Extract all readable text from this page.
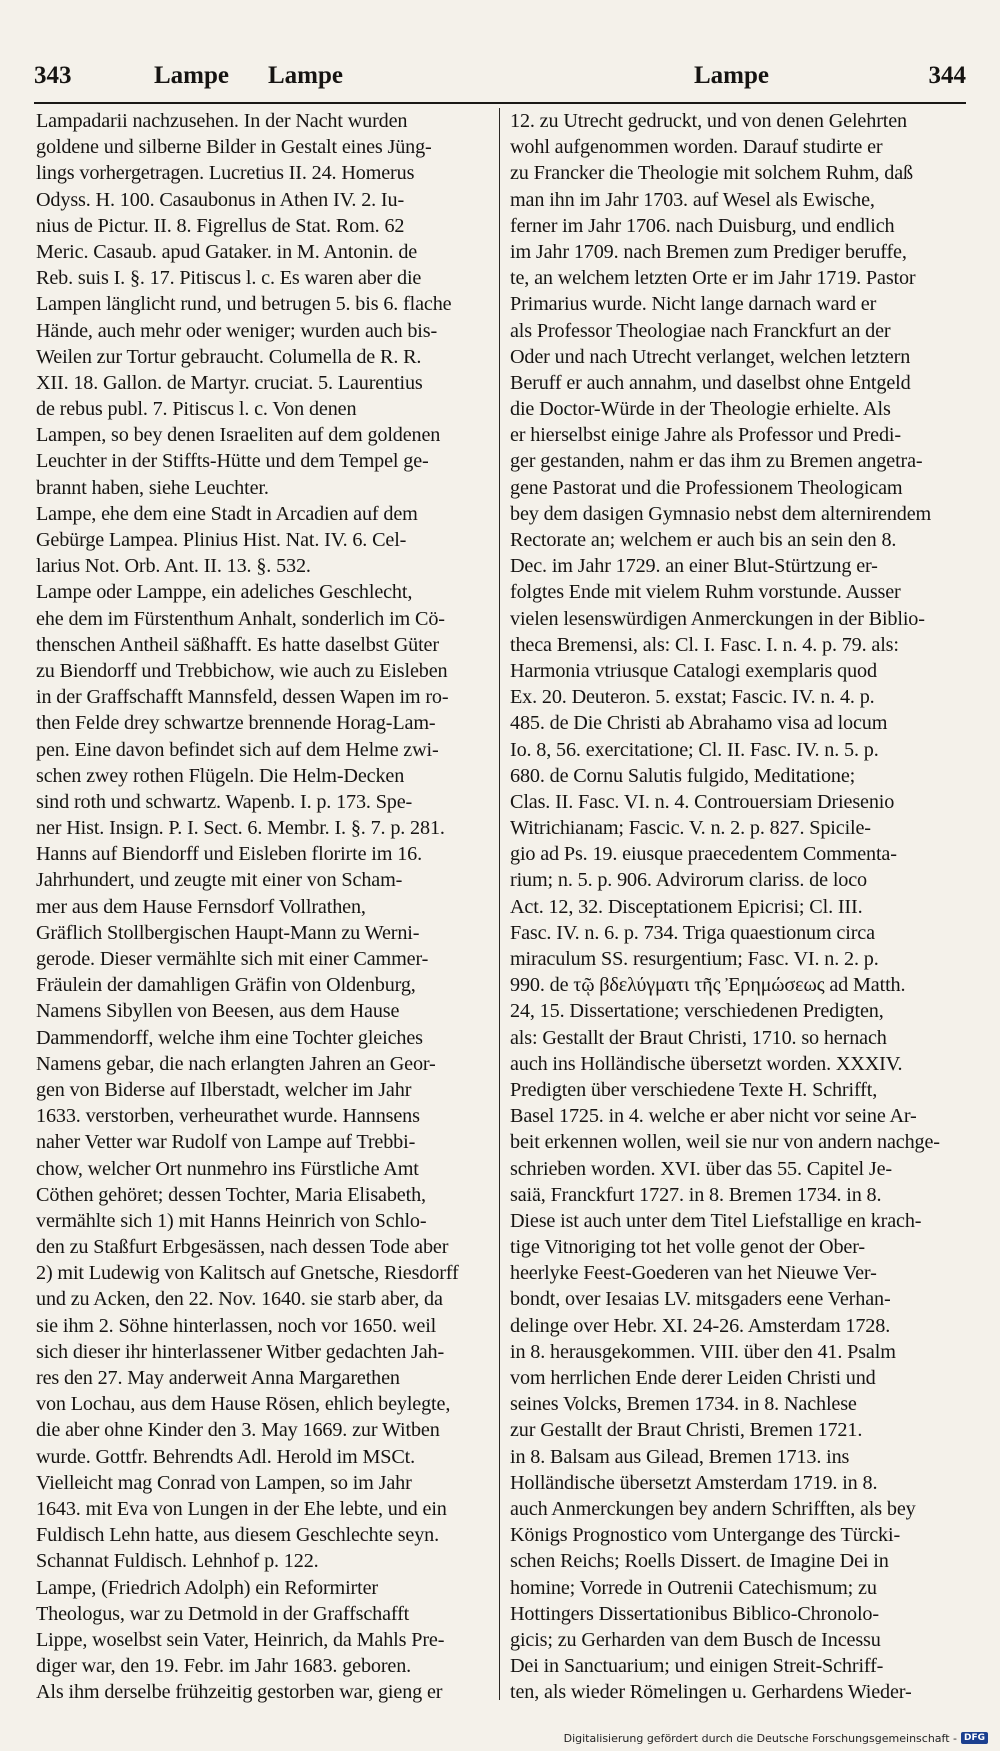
343	Lampe Lampe	Lampe	344
Lampadarii nachzusehen. In der Nacht wurden
goldene und silberne Bilder in Gestalt eines Jüng-
lings vorhergetragen. Lucretius II. 24. Homerus
Odyss. H. 100. Casaubonus in Athen IV. 2. Iu-
nius de Pictur. II. 8. Figrellus de Stat. Rom. 62
Meric. Casaub. apud Gataker. in M. Antonin. de
Reb. suis I. §. 17. Pitiscus l. c. Es waren aber die
Lampen länglicht rund, und betrugen 5. bis 6. flache
Hände, auch mehr oder weniger; wurden auch bis-
Weilen zur Tortur gebraucht. Columella de R. R.
XII. 18. Gallon. de Martyr. cruciat. 5. Laurentius
de rebus publ. 7. Pitiscus l. c. Von denen
Lampen, so bey denen Israeliten auf dem goldenen
Leuchter in der Stiffts-Hütte und dem Tempel ge-
brannt haben, siehe Leuchter.
Lampe, ehe dem eine Stadt in Arcadien auf dem
Gebürge Lampea. Plinius Hist. Nat. IV. 6. Cel-
larius Not. Orb. Ant. II. 13. §. 532.
Lampe oder Lamppe, ein adeliches Geschlecht,
ehe dem im Fürstenthum Anhalt, sonderlich im Cö-
thenschen Antheil säßhafft. Es hatte daselbst Güter
zu Biendorff und Trebbichow, wie auch zu Eisleben
in der Graffschafft Mannsfeld, dessen Wapen im ro-
then Felde drey schwartze brennende Horag-Lam-
pen. Eine davon befindet sich auf dem Helme zwi-
schen zwey rothen Flügeln. Die Helm-Decken
sind roth und schwartz. Wapenb. I. p. 173. Spe-
ner Hist. Insign. P. I. Sect. 6. Membr. I. §. 7. p. 281.
Hanns auf Biendorff und Eisleben florirte im 16.
Jahrhundert, und zeugte mit einer von Scham-
mer aus dem Hause Fernsdorf Vollrathen,
Gräflich Stollbergischen Haupt-Mann zu Werni-
gerode. Dieser vermählte sich mit einer Cammer-
Fräulein der damahligen Gräfin von Oldenburg,
Namens Sibyllen von Beesen, aus dem Hause
Dammendorff, welche ihm eine Tochter gleiches
Namens gebar, die nach erlangten Jahren an Geor-
gen von Biderse auf Ilberstadt, welcher im Jahr
1633. verstorben, verheurathet wurde. Hannsens
naher Vetter war Rudolf von Lampe auf Trebbi-
chow, welcher Ort nunmehro ins Fürstliche Amt
Cöthen gehöret; dessen Tochter, Maria Elisabeth,
vermählte sich 1) mit Hanns Heinrich von Schlo-
den zu Staßfurt Erbgesässen, nach dessen Tode aber
2) mit Ludewig von Kalitsch auf Gnetsche, Riesdorff
und zu Acken, den 22. Nov. 1640. sie starb aber, da
sie ihm 2. Söhne hinterlassen, noch vor 1650. weil
sich dieser ihr hinterlassener Witber gedachten Jah-
res den 27. May anderweit Anna Margarethen
von Lochau, aus dem Hause Rösen, ehlich beylegte,
die aber ohne Kinder den 3. May 1669. zur Witben
wurde. Gottfr. Behrendts Adl. Herold im MSCt.
Vielleicht mag Conrad von Lampen, so im Jahr
1643. mit Eva von Lungen in der Ehe lebte, und ein
Fuldisch Lehn hatte, aus diesem Geschlechte seyn.
Schannat Fuldisch. Lehnhof p. 122.
Lampe, (Friedrich Adolph) ein Reformirter
Theologus, war zu Detmold in der Graffschafft
Lippe, woselbst sein Vater, Heinrich, da Mahls Pre-
diger war, den 19. Febr. im Jahr 1683. geboren.
Als ihm derselbe frühzeitig gestorben war, gieng er
12. zu Utrecht gedruckt, und von denen Gelehrten
wohl aufgenommen worden. Darauf studirte er
zu Francker die Theologie mit solchem Ruhm, daß
man ihn im Jahr 1703. auf Wesel als Ewische,
ferner im Jahr 1706. nach Duisburg, und endlich
im Jahr 1709. nach Bremen zum Prediger beruffe,
te, an welchem letzten Orte er im Jahr 1719. Pastor
Primarius wurde. Nicht lange darnach ward er
als Professor Theologiae nach Franckfurt an der
Oder und nach Utrecht verlanget, welchen letztern
Beruff er auch annahm, und daselbst ohne Entgeld
die Doctor-Würde in der Theologie erhielte. Als
er hierselbst einige Jahre als Professor und Predi-
ger gestanden, nahm er das ihm zu Bremen angetra-
gene Pastorat und die Professionem Theologicam
bey dem dasigen Gymnasio nebst dem alternirendem
Rectorate an; welchem er auch bis an sein den 8.
Dec. im Jahr 1729. an einer Blut-Stürtzung er-
folgtes Ende mit vielem Ruhm vorstunde. Ausser
vielen lesenswürdigen Anmerckungen in der Biblio-
theca Bremensi, als: Cl. I. Fasc. I. n. 4. p. 79. als:
Harmonia vtriusque Catalogi exemplaris quod
Ex. 20. Deuteron. 5. exstat; Fascic. IV. n. 4. p.
485. de Die Christi ab Abrahamo visa ad locum
Io. 8, 56. exercitatione; Cl. II. Fasc. IV. n. 5. p.
680. de Cornu Salutis fulgido, Meditatione;
Clas. II. Fasc. VI. n. 4. Controuersiam Driesenio
Witrichianam; Fascic. V. n. 2. p. 827. Spicile-
gio ad Ps. 19. eiusque praecedentem Commenta-
rium; n. 5. p. 906. Advirorum clariss. de loco
Act. 12, 32. Disceptationem Epicrisi; Cl. III.
Fasc. IV. n. 6. p. 734. Triga quaestionum circa
miraculum SS. resurgentium; Fasc. VI. n. 2. p.
990. de τῷ βδελύγματι τῆς Ἐρημώσεως ad Matth.
24, 15. Dissertatione; verschiedenen Predigten,
als: Gestallt der Braut Christi, 1710. so hernach
auch ins Holländische übersetzt worden. XXXIV.
Predigten über verschiedene Texte H. Schrifft,
Basel 1725. in 4. welche er aber nicht vor seine Ar-
beit erkennen wollen, weil sie nur von andern nachge-
schrieben worden. XVI. über das 55. Capitel Je-
saiä, Franckfurt 1727. in 8. Bremen 1734. in 8.
Diese ist auch unter dem Titel Liefstallige en krach-
tige Vitnoriging tot het volle genot der Ober-
heerlyke Feest-Goederen van het Nieuwe Ver-
bondt, over Iesaias LV. mitsgaders eene Verhan-
delinge over Hebr. XI. 24-26. Amsterdam 1728.
in 8. herausgekommen. VIII. über den 41. Psalm
vom herrlichen Ende derer Leiden Christi und
seines Volcks, Bremen 1734. in 8. Nachlese
zur Gestallt der Braut Christi, Bremen 1721.
in 8. Balsam aus Gilead, Bremen 1713. ins
Holländische übersetzt Amsterdam 1719. in 8.
auch Anmerckungen bey andern Schrifften, als bey
Königs Prognostico vom Untergange des Türcki-
schen Reichs; Roells Dissert. de Imagine Dei in
homine; Vorrede in Outrenii Catechismum; zu
Hottingers Dissertationibus Biblico-Chronolo-
gicis; zu Gerharden van dem Busch de Incessu
Dei in Sanctuarium; und einigen Streit-Schriff-
ten, als wieder Römelingen u. Gerhardens Wieder-
Digitalisierung gefördert durch die Deutsche Forschungsgemeinschaft - DFG
